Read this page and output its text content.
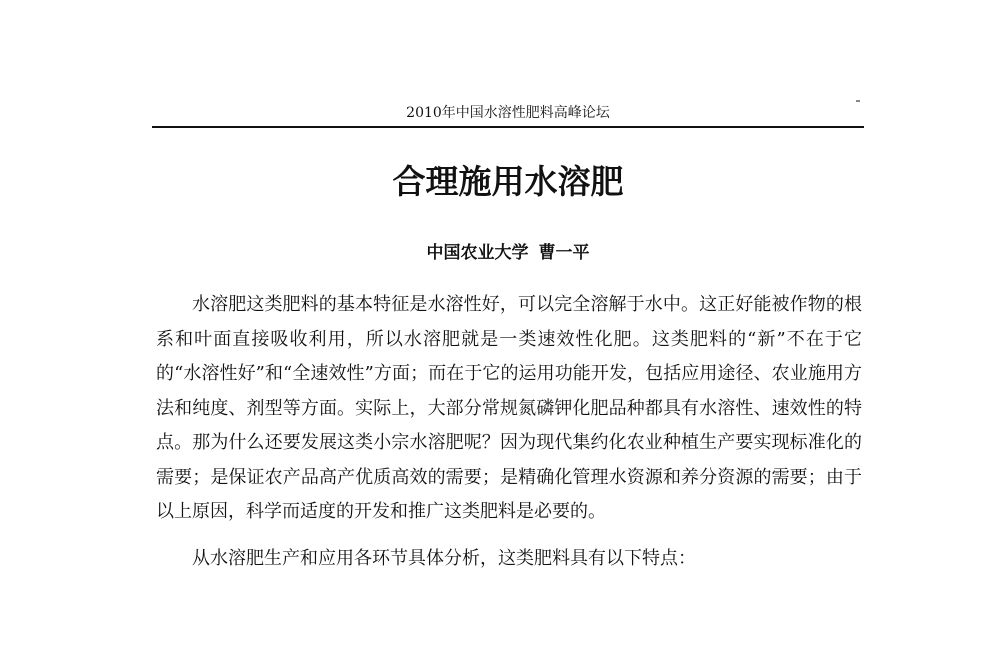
2010年中国水溶性肥料高峰论坛
合理施用水溶肥
中国农业大学 曹一平

水溶肥这类肥料的基本特征是水溶性好，可以完全溶解于水中。这正好能被作物的根系和叶面直接吸收利用，所以水溶肥就是一类速效性化肥。这类肥料的“新”不在于它的“水溶性好”和“全速效性”方面；而在于它的运用功能开发，包括应用途径、农业施用方法和纯度、剂型等方面。实际上，大部分常规氮磷钾化肥品种都具有水溶性、速效性的特点。那为什么还要发展这类小宗水溶肥呢？因为现代集约化农业种植生产要实现标准化的需要；是保证农产品高产优质高效的需要；是精确化管理水资源和养分资源的需要；由于以上原因，科学而适度的开发和推广这类肥料是必要的。

从水溶肥生产和应用各环节具体分析，这类肥料具有以下特点：
